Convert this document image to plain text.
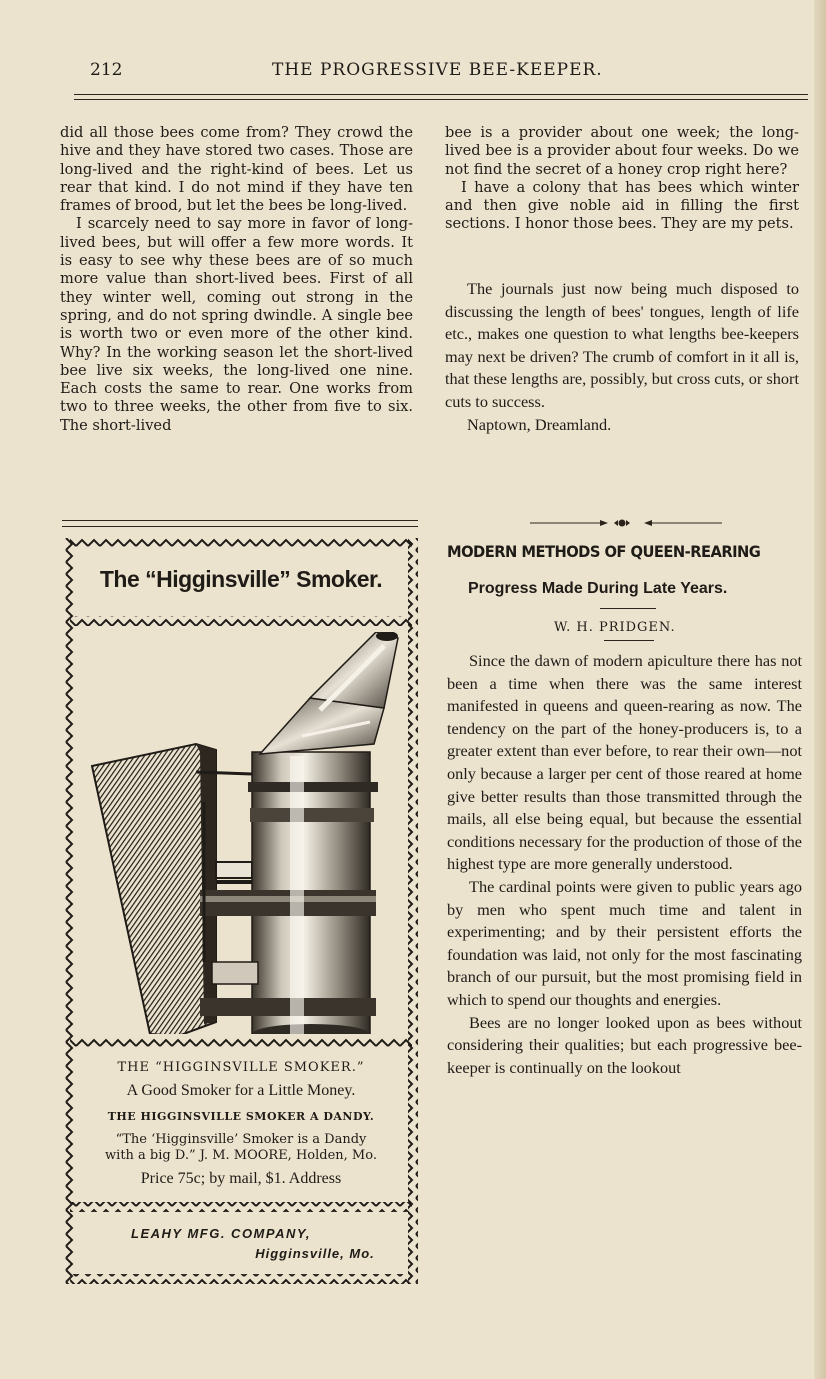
212	THE PROGRESSIVE BEE-KEEPER.

did all those bees come from? They crowd the hive and they have stored two cases. Those are long-lived and the right-kind of bees. Let us rear that kind. I do not mind if they have ten frames of brood, but let the bees be long-lived.

I scarcely need to say more in favor of long-lived bees, but will offer a few more words. It is easy to see why these bees are of so much more value than short-lived bees. First of all they winter well, coming out strong in the spring, and do not spring dwindle. A single bee is worth two or even more of the other kind. Why? In the working season let the short-lived bee live six weeks, the long-lived one nine. Each costs the same to rear. One works from two to three weeks, the other from five to six. The short-lived

bee is a provider about one week; the long-lived bee is a provider about four weeks. Do we not find the secret of a honey crop right here?

I have a colony that has bees which winter and then give noble aid in filling the first sections. I honor those bees. They are my pets.

The journals just now being much disposed to discussing the length of bees' tongues, length of life etc., makes one question to what lengths bee-keepers may next be driven? The crumb of comfort in it all is, that these lengths are, possibly, but cross cuts, or short cuts to success.

Naptown, Dreamland.

The “Higginsville” Smoker.
THE “HIGGINSVILLE SMOKER.”
A Good Smoker for a Little Money.
THE HIGGINSVILLE SMOKER A DANDY.
“The ‘Higginsville’ Smoker is a Dandy
with a big D.” J. M. MOORE, Holden, Mo.
Price 75c; by mail, $1. Address
LEAHY MFG. COMPANY,
Higginsville, Mo.
MODERN METHODS OF QUEEN-REARING
Progress Made During Late Years.
W. H. PRIDGEN.

Since the dawn of modern apiculture there has not been a time when there was the same interest manifested in queens and queen-rearing as now. The tendency on the part of the honey-producers is, to a greater extent than ever before, to rear their own—not only because a larger per cent of those reared at home give better results than those transmitted through the mails, all else being equal, but because the essential conditions necessary for the production of those of the highest type are more generally understood.

The cardinal points were given to public years ago by men who spent much time and talent in experimenting; and by their persistent efforts the foundation was laid, not only for the most fascinating branch of our pursuit, but the most promising field in which to spend our thoughts and energies.

Bees are no longer looked upon as bees without considering their qualities; but each progressive bee-keeper is continually on the lookout
